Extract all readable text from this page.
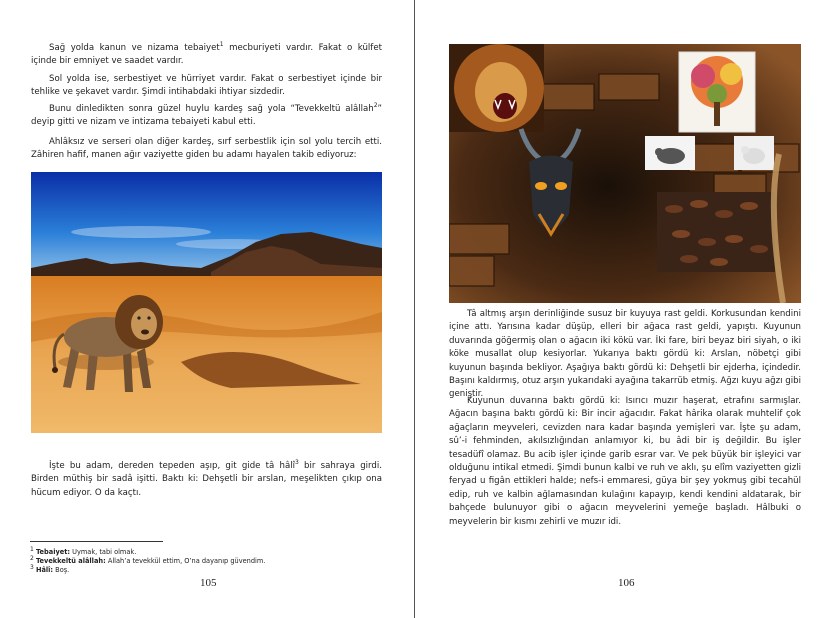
Sağ yolda kanun ve nizama tebaiyet$^1$ mecburiyeti vardır. Fakat o külfet içinde bir emniyet ve saadet vardır.
Sol yolda ise, serbestiyet ve hürriyet vardır. Fakat o serbestiyet içinde bir tehlike ve şekavet vardır. Şimdi intihabdaki ihtiyar sizdedir.
Bunu dinledikten sonra güzel huylu kardeş sağ yola “Tevekkeltü alâllah$^2$” deyip gitti ve nizam ve intizama tebaiyeti kabul etti.
Ahlâksız ve serseri olan diğer kardeş, sırf serbestlik için sol yolu tercih etti. Zâhiren hafif, manen ağır vaziyette giden bu adamı hayalen takib ediyoruz:
İşte bu adam, dereden tepeden aşıp, git gide tâ hâlî$^3$ bir sahraya girdi. Birden müthiş bir sadâ işitti. Baktı ki: Dehşetli bir arslan, meşelikten çıkıp ona hücum ediyor. O da kaçtı.
$^1$ Tebaiyet: Uymak, tabi olmak.
$^2$ Tevekkeltü alâllah: Allah’a tevekkül ettim, O’na dayanıp güvendim.
$^3$ Hâlî: Boş.
105
Tâ altmış arşın derinliğinde susuz bir kuyuya rast geldi. Korkusundan kendini içine attı. Yarısına kadar düşüp, elleri bir ağaca rast geldi, yapıştı. Kuyunun duvarında göğermiş olan o ağacın iki kökü var. İki fare, biri beyaz biri siyah, o iki köke musallat olup kesiyorlar. Yukarıya baktı gördü ki: Arslan, nöbetçi gibi kuyunun başında bekliyor. Aşağıya baktı gördü ki: Dehşetli bir ejderha, içindedir. Başını kaldırmış, otuz arşın yukarıdaki ayağına takarrüb etmiş. Ağzı kuyu ağzı gibi geniştir.
Kuyunun duvarına baktı gördü ki: Isırıcı muzır haşerat, etrafını sarmışlar. Ağacın başına baktı gördü ki: Bir incir ağacıdır. Fakat hârika olarak muhtelif çok ağaçların meyveleri, cevizden nara kadar başında yemişleri var. İşte şu adam, sû’-i fehminden, akılsızlığından anlamıyor ki, bu âdi bir iş değildir. Bu işler tesadüfî olamaz. Bu acib işler içinde garib esrar var. Ve pek büyük bir işleyici var olduğunu intikal etmedi. Şimdi bunun kalbi ve ruh ve aklı, şu elîm vaziyetten gizli feryad u figân ettikleri halde; nefs-i emmaresi, güya bir şey yokmuş gibi tecahül edip, ruh ve kalbin ağlamasından kulağını kapayıp, kendi kendini aldatarak, bir bahçede bulunuyor gibi o ağacın meyvelerini yemeğe başladı. Hâlbuki o meyvelerin bir kısmı zehirli ve muzır idi.
106
